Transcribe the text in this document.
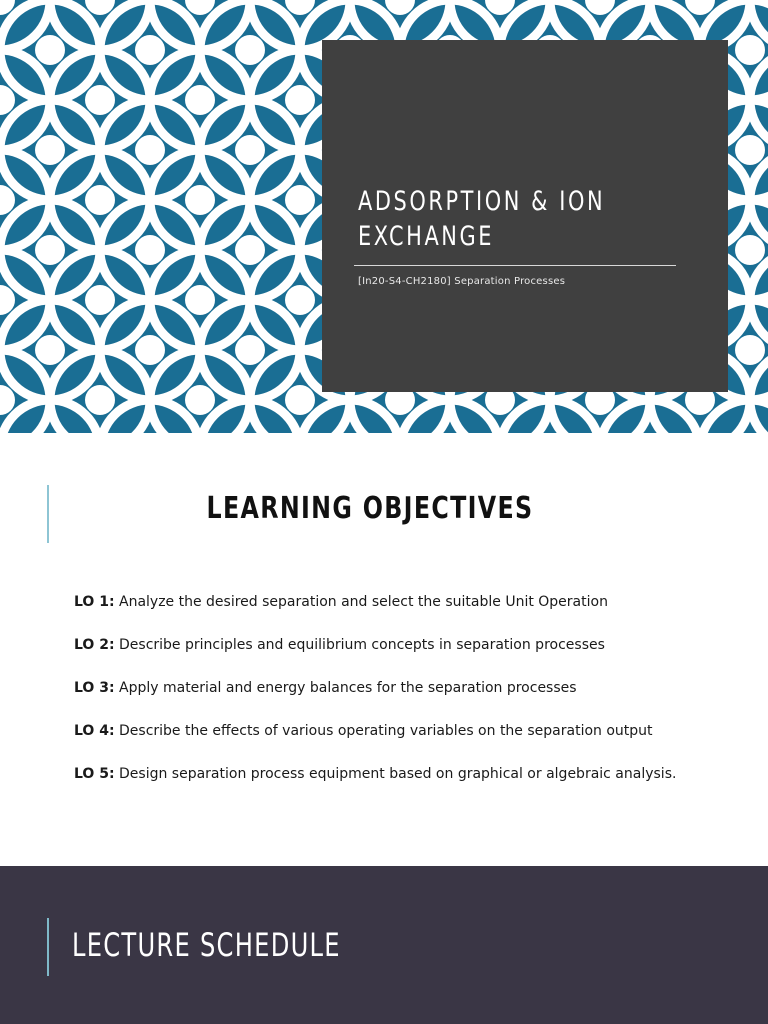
ADSORPTION & ION EXCHANGE
[In20-S4-CH2180] Separation Processes
LEARNING OBJECTIVES
LO 1: Analyze the desired separation and select the suitable Unit Operation
LO 2: Describe principles and equilibrium concepts in separation processes
LO 3: Apply material and energy balances for the separation processes
LO 4: Describe the effects of various operating variables on the separation output
LO 5: Design separation process equipment based on graphical or algebraic analysis.
LECTURE SCHEDULE
